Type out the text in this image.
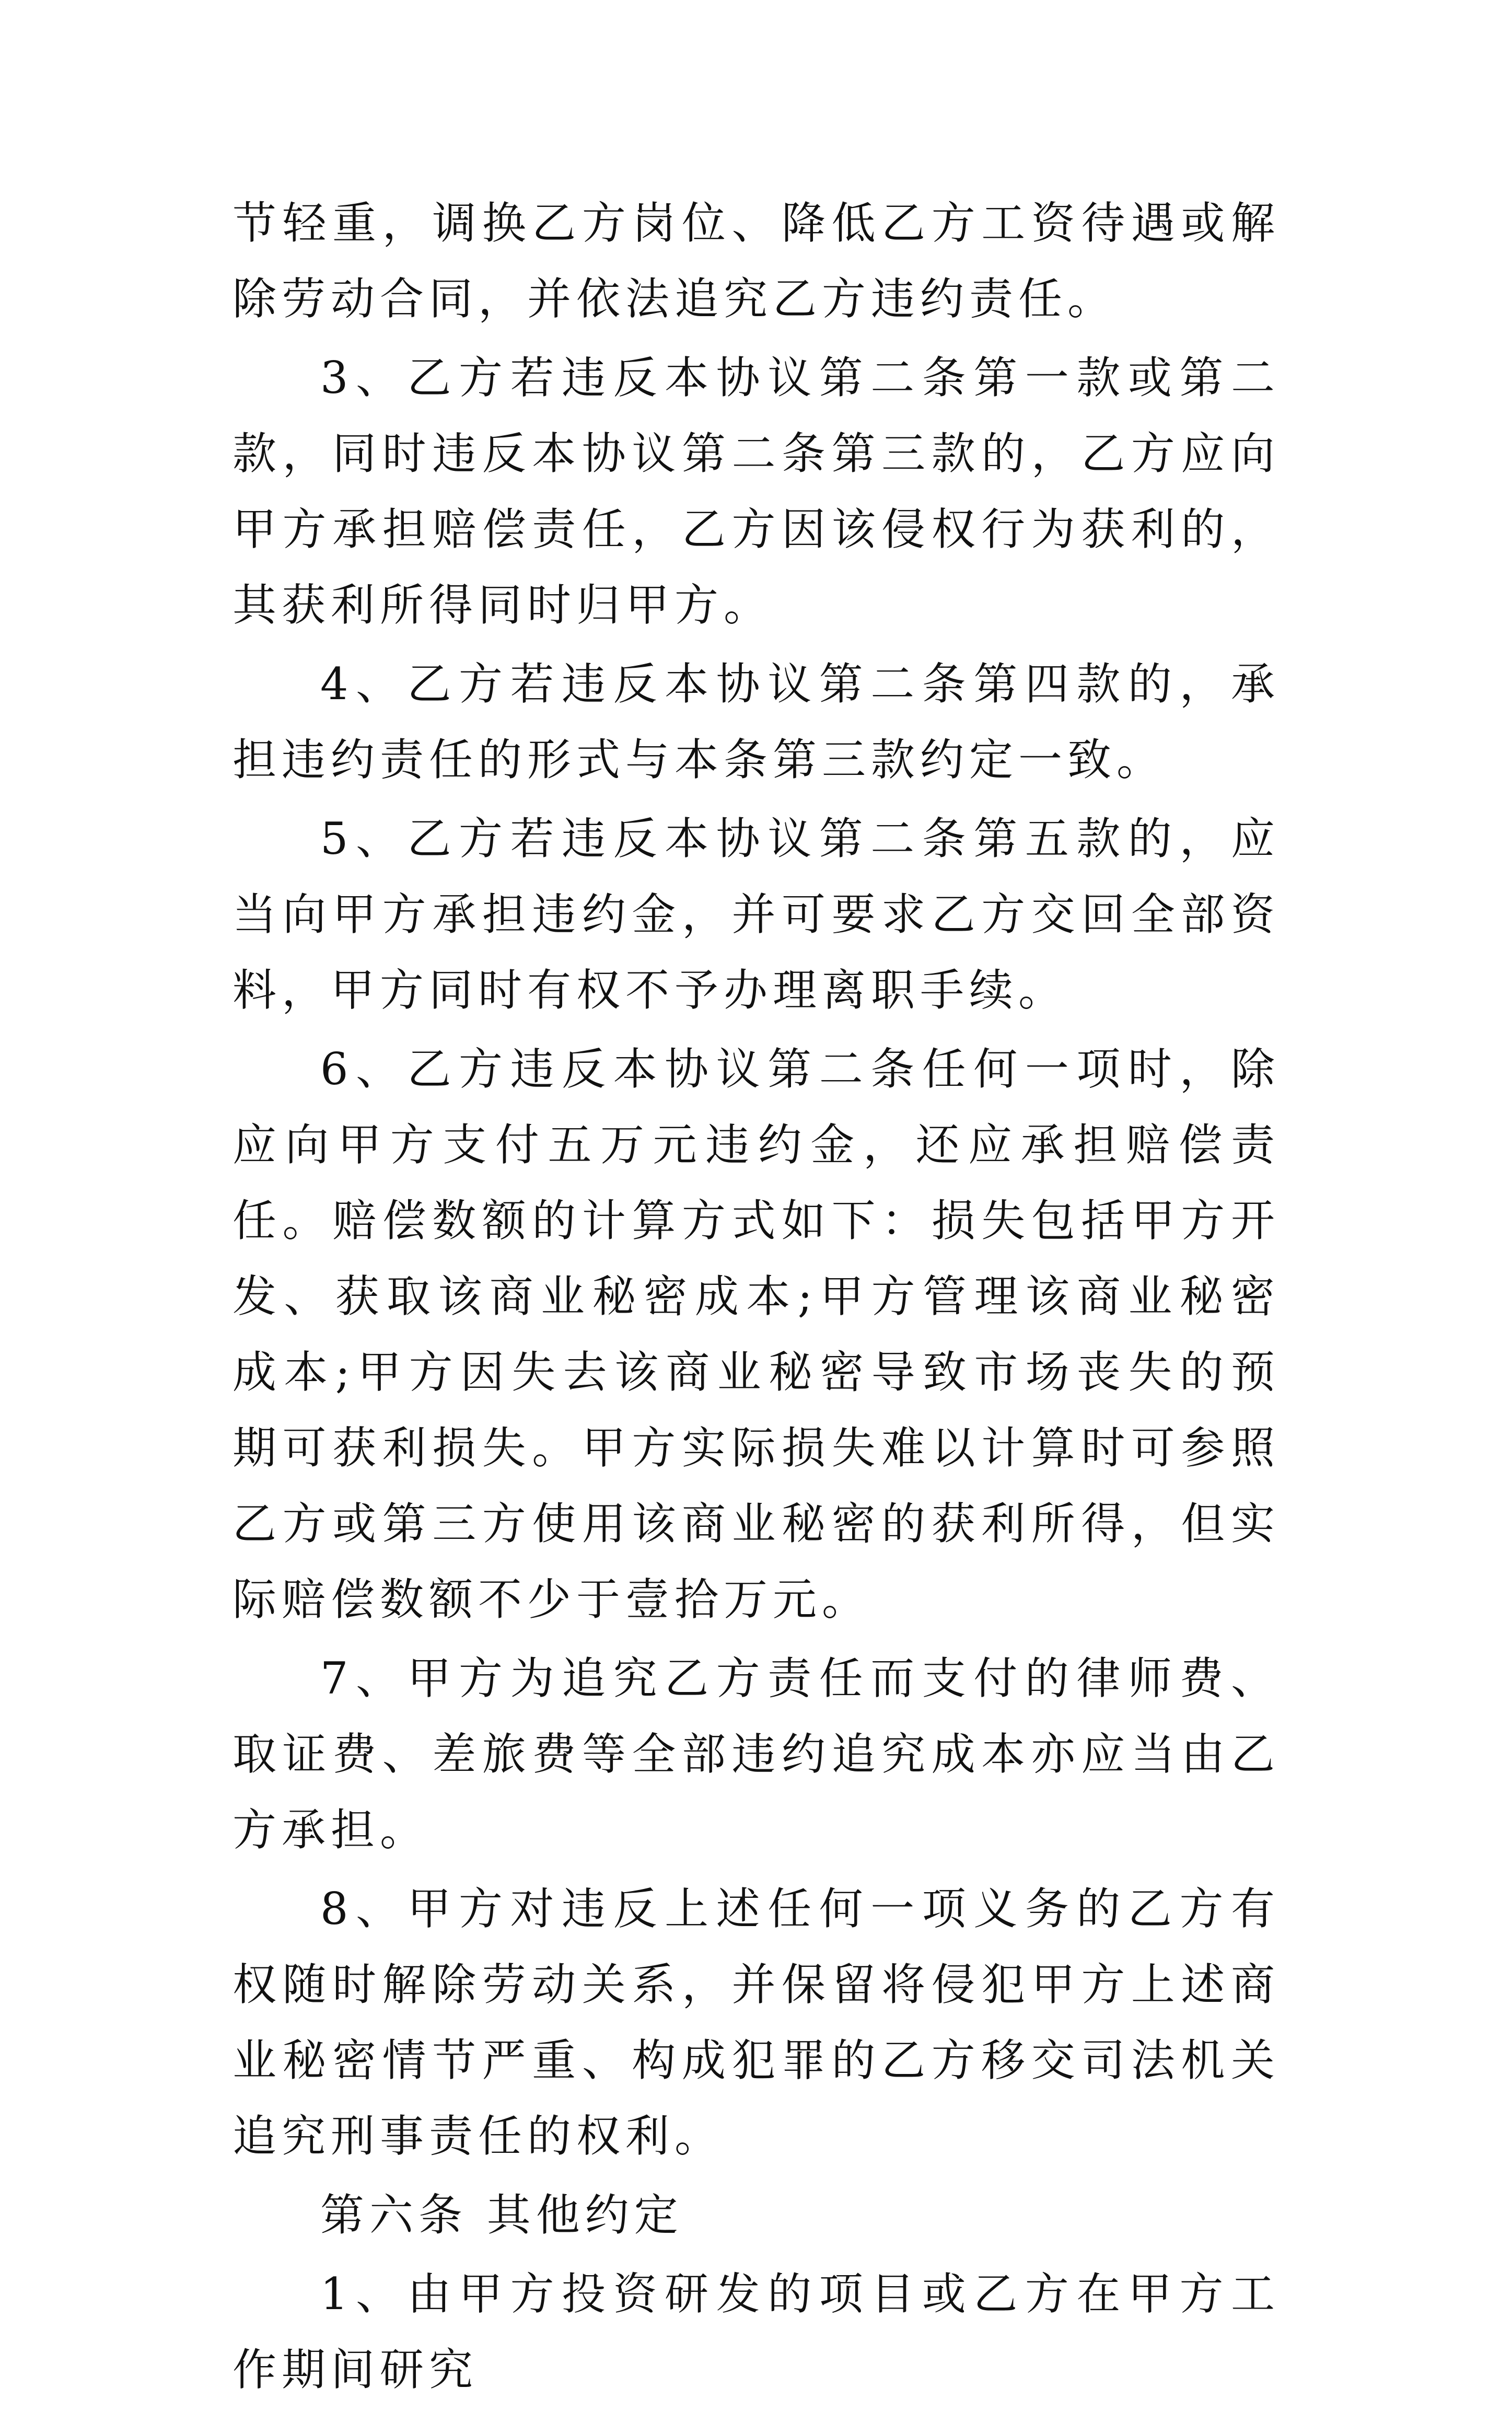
节轻重，调换乙方岗位、降低乙方工资待遇或解除劳动合同，并依法追究乙方违约责任。

3、乙方若违反本协议第二条第一款或第二款，同时违反本协议第二条第三款的，乙方应向甲方承担赔偿责任，乙方因该侵权行为获利的，其获利所得同时归甲方。

4、乙方若违反本协议第二条第四款的，承担违约责任的形式与本条第三款约定一致。

5、乙方若违反本协议第二条第五款的，应当向甲方承担违约金，并可要求乙方交回全部资料，甲方同时有权不予办理离职手续。

6、乙方违反本协议第二条任何一项时，除应向甲方支付五万元违约金，还应承担赔偿责任。赔偿数额的计算方式如下：损失包括甲方开发、获取该商业秘密成本;甲方管理该商业秘密成本;甲方因失去该商业秘密导致市场丧失的预期可获利损失。甲方实际损失难以计算时可参照乙方或第三方使用该商业秘密的获利所得，但实际赔偿数额不少于壹拾万元。

7、甲方为追究乙方责任而支付的律师费、取证费、差旅费等全部违约追究成本亦应当由乙方承担。

8、甲方对违反上述任何一项义务的乙方有权随时解除劳动关系，并保留将侵犯甲方上述商业秘密情节严重、构成犯罪的乙方移交司法机关追究刑事责任的权利。

第六条 其他约定

1、由甲方投资研发的项目或乙方在甲方工作期间研究
